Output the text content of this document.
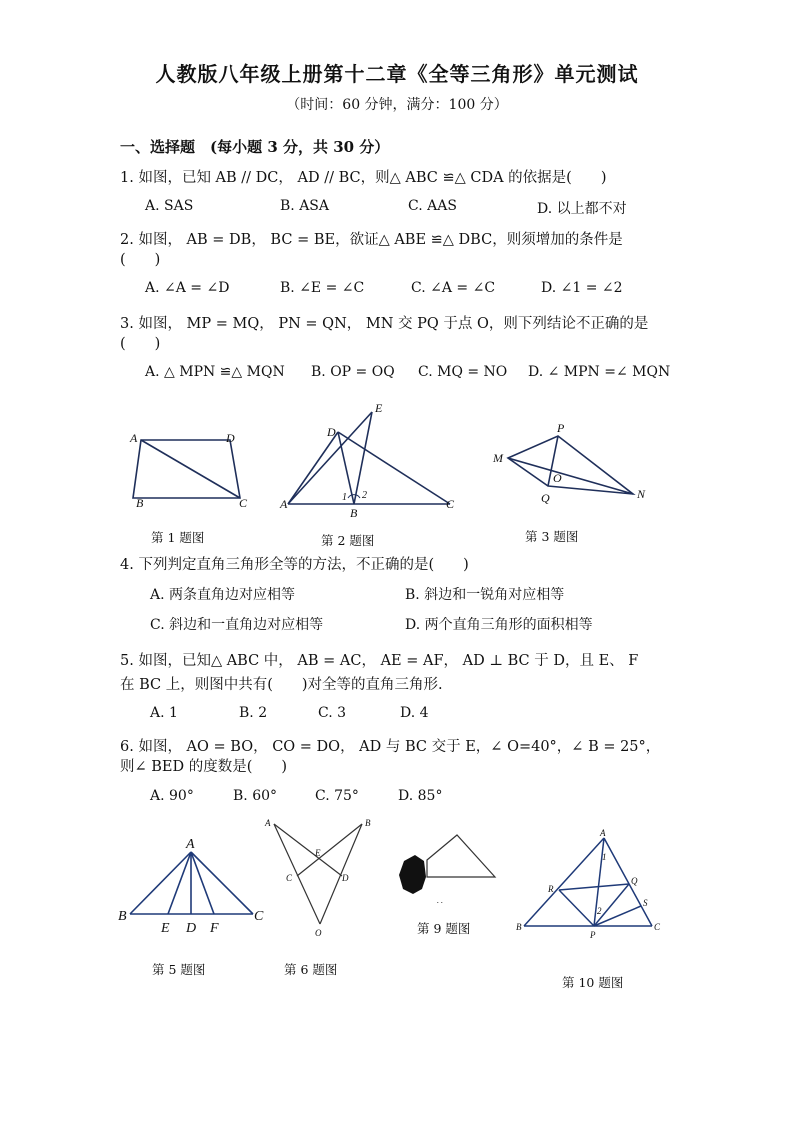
人教版八年级上册第十二章《全等三角形》单元测试
（时间：60 分钟，满分：100 分）
一、选择题　(每小题 3 分，共 30 分）
1. 如图，已知 AB // DC， AD // BC，则△ ABC ≌△ CDA 的依据是(　　)
A. SAS	B. ASA	C. AAS	D. 以上都不对
2. 如图， AB = DB， BC = BE，欲证△ ABE ≌△ DBC，则须增加的条件是
(　　)
A. ∠A = ∠D	B. ∠E = ∠C	C. ∠A = ∠C	D. ∠1 = ∠2
3. 如图， MP = MQ， PN = QN， MN 交 PQ 于点 O，则下列结论不正确的是
(　　)
A. △ MPN ≌△ MQN B. OP = OQ C. MQ = NO D. ∠ MPN =∠ MQN
A	D
B	C
第 1 题图
E
D
A
B
C
1 2
第 2 题图
P
M
O
N
Q
第 3 题图
4. 下列判定直角三角形全等的方法，不正确的是(　　)
A. 两条直角边对应相等	B. 斜边和一锐角对应相等
C. 斜边和一直角边对应相等	D. 两个直角三角形的面积相等
5. 如图，已知△ ABC 中， AB = AC， AE = AF， AD ⊥ BC 于 D，且 E、 F
在 BC 上，则图中共有(　　)对全等的直角三角形.
A. 1	B. 2	C. 3	D. 4
6. 如图， AO = BO， CO = DO， AD 与 BC 交于 E，∠ O=40°，∠ B = 25°，
则∠ BED 的度数是(　　)
A. 90°	B. 60°	C. 75°	D. 85°
A
B
E D F
C
第 5 题图
A	B
E
C	D
O
第 6 题图
. .
第 9 题图
A
1
R
Q
S
2
B
P
C
第 10 题图
